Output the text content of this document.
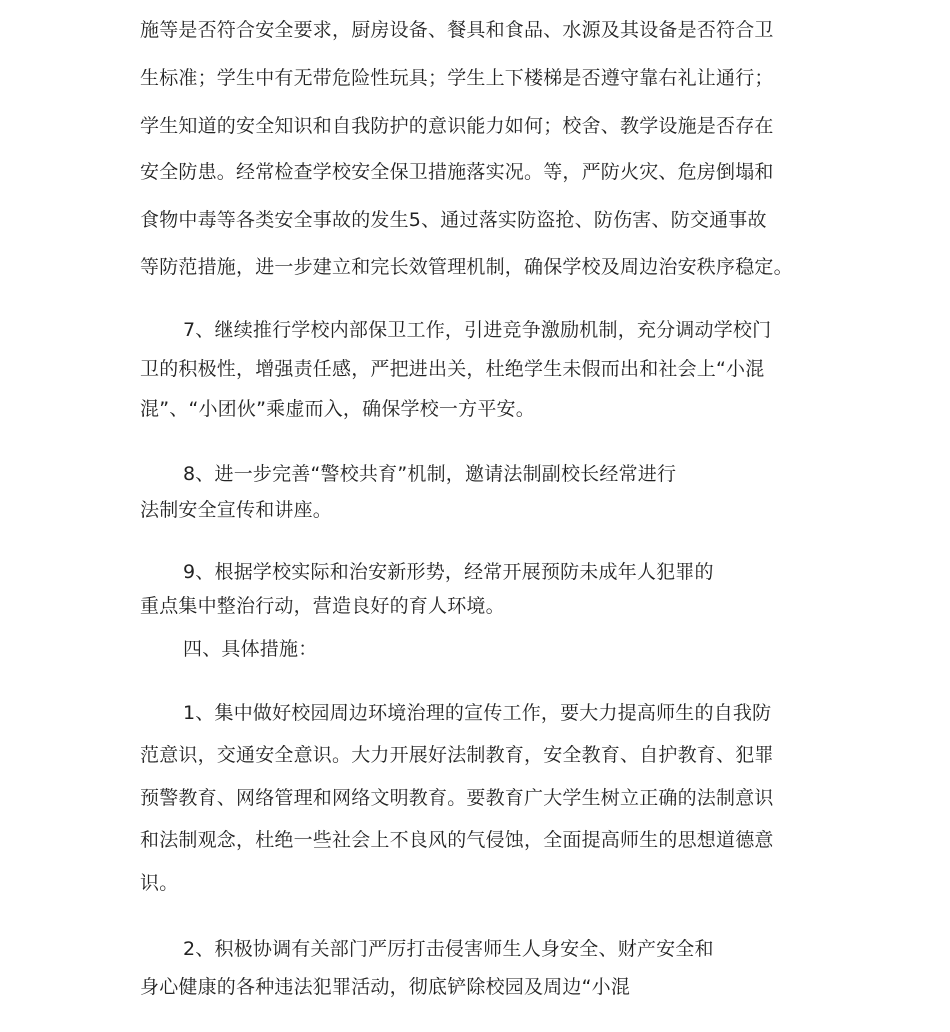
施等是否符合安全要求，厨房设备、餐具和食品、水源及其设备是否符合卫
生标准；学生中有无带危险性玩具；学生上下楼梯是否遵守靠右礼让通行；
学生知道的安全知识和自我防护的意识能力如何；校舍、教学设施是否存在
安全防患。经常检查学校安全保卫措施落实况。等，严防火灾、危房倒塌和
食物中毒等各类安全事故的发生5、通过落实防盗抢、防伤害、防交通事故
等防范措施，进一步建立和完长效管理机制，确保学校及周边治安秩序稳定。
7、继续推行学校内部保卫工作，引进竞争激励机制，充分调动学校门
卫的积极性，增强责任感，严把进出关，杜绝学生未假而出和社会上“小混
混”、“小团伙”乘虚而入，确保学校一方平安。
8、进一步完善“警校共育”机制，邀请法制副校长经常进行
法制安全宣传和讲座。
9、根据学校实际和治安新形势，经常开展预防未成年人犯罪的
重点集中整治行动，营造良好的育人环境。
四、具体措施：
1、集中做好校园周边环境治理的宣传工作，要大力提高师生的自我防
范意识，交通安全意识。大力开展好法制教育，安全教育、自护教育、犯罪
预警教育、网络管理和网络文明教育。要教育广大学生树立正确的法制意识
和法制观念，杜绝一些社会上不良风的气侵蚀，全面提高师生的思想道德意
识。
2、积极协调有关部门严厉打击侵害师生人身安全、财产安全和
身心健康的各种违法犯罪活动，彻底铲除校园及周边“小混
